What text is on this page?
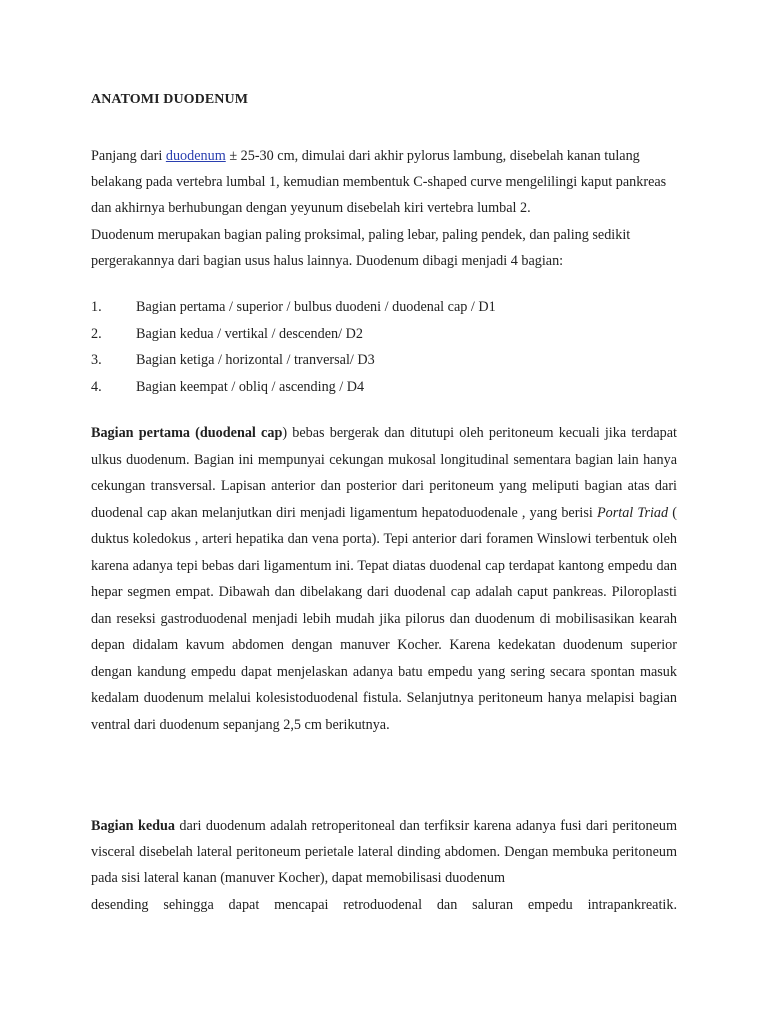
ANATOMI DUODENUM
Panjang dari duodenum ± 25-30 cm, dimulai dari akhir pylorus lambung, disebelah kanan tulang belakang pada vertebra lumbal 1, kemudian membentuk C-shaped curve mengelilingi kaput pankreas dan akhirnya berhubungan dengan yeyunum disebelah kiri vertebra lumbal 2.
Duodenum merupakan bagian paling proksimal, paling lebar, paling pendek, dan paling sedikit pergerakannya dari bagian usus halus lainnya. Duodenum dibagi menjadi 4 bagian:
1. Bagian pertama / superior / bulbus duodeni / duodenal cap / D1
2. Bagian kedua / vertikal / descenden/ D2
3. Bagian ketiga / horizontal / tranversal/ D3
4. Bagian keempat / obliq / ascending / D4
Bagian pertama (duodenal cap) bebas bergerak dan ditutupi oleh peritoneum kecuali jika terdapat ulkus duodenum. Bagian ini mempunyai cekungan mukosal longitudinal sementara bagian lain hanya cekungan transversal. Lapisan anterior dan posterior dari peritoneum yang meliputi bagian atas dari duodenal cap akan melanjutkan diri menjadi ligamentum hepatoduodenale , yang berisi Portal Triad ( duktus koledokus , arteri hepatika dan vena porta). Tepi anterior dari foramen Winslowi terbentuk oleh karena adanya tepi bebas dari ligamentum ini. Tepat diatas duodenal cap terdapat kantong empedu dan hepar segmen empat. Dibawah dan dibelakang dari duodenal cap adalah caput pankreas. Piloroplasti dan reseksi gastroduodenal menjadi lebih mudah jika pilorus dan duodenum di mobilisasikan kearah depan didalam kavum abdomen dengan manuver Kocher. Karena kedekatan duodenum superior dengan kandung empedu dapat menjelaskan adanya batu empedu yang sering secara spontan masuk kedalam duodenum melalui kolesistoduodenal fistula. Selanjutnya peritoneum hanya melapisi bagian ventral dari duodenum sepanjang 2,5 cm berikutnya.
Bagian kedua dari duodenum adalah retroperitoneal dan terfiksir karena adanya fusi dari peritoneum visceral disebelah lateral peritoneum perietale lateral dinding abdomen. Dengan membuka peritoneum pada sisi lateral kanan (manuver Kocher), dapat memobilisasi duodenum
desending sehingga dapat mencapai retroduodenal dan saluran empedu intrapankreatik.
